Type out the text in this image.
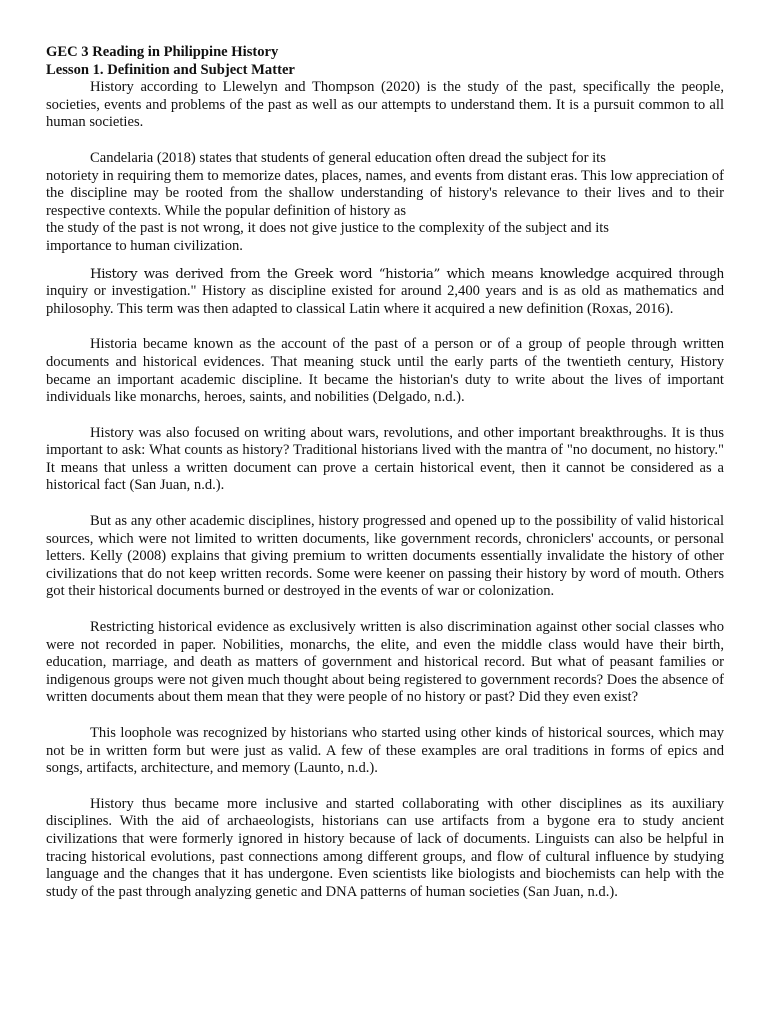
GEC 3 Reading in Philippine History

Lesson 1. Definition and Subject Matter

History according to Llewelyn and Thompson (2020) is the study of the past, specifically the people, societies, events and problems of the past as well as our attempts to understand them. It is a pursuit common to all human societies.

Candelaria (2018) states that students of general education often dread the subject for its
notoriety in requiring them to memorize dates, places, names, and events from distant eras. This low appreciation of the discipline may be rooted from the shallow understanding of history's relevance to their lives and to their respective contexts. While the popular definition of history as
the study of the past is not wrong, it does not give justice to the complexity of the subject and its
importance to human civilization.

History was derived from the Greek word “historia” which means knowledge acquired through inquiry or investigation." History as discipline existed for around 2,400 years and is as old as mathematics and philosophy. This term was then adapted to classical Latin where it acquired a new definition (Roxas, 2016).

Historia became known as the account of the past of a person or of a group of people through written documents and historical evidences. That meaning stuck until the early parts of the twentieth century, History became an important academic discipline. It became the historian's duty to write about the lives of important individuals like monarchs, heroes, saints, and nobilities (Delgado, n.d.).

History was also focused on writing about wars, revolutions, and other important breakthroughs. It is thus important to ask: What counts as history? Traditional historians lived with the mantra of "no document, no history." It means that unless a written document can prove a certain historical event, then it cannot be considered as a historical fact (San Juan, n.d.).

But as any other academic disciplines, history progressed and opened up to the possibility of valid historical sources, which were not limited to written documents, like government records, chroniclers' accounts, or personal letters. Kelly (2008) explains that giving premium to written documents essentially invalidate the history of other civilizations that do not keep written records. Some were keener on passing their history by word of mouth. Others got their historical documents burned or destroyed in the events of war or colonization.

Restricting historical evidence as exclusively written is also discrimination against other social classes who were not recorded in paper. Nobilities, monarchs, the elite, and even the middle class would have their birth, education, marriage, and death as matters of government and historical record. But what of peasant families or indigenous groups were not given much thought about being registered to government records? Does the absence of written documents about them mean that they were people of no history or past? Did they even exist?

This loophole was recognized by historians who started using other kinds of historical sources, which may not be in written form but were just as valid. A few of these examples are oral traditions in forms of epics and songs, artifacts, architecture, and memory (Launto, n.d.).

History thus became more inclusive and started collaborating with other disciplines as its auxiliary disciplines. With the aid of archaeologists, historians can use artifacts from a bygone era to study ancient civilizations that were formerly ignored in history because of lack of documents. Linguists can also be helpful in tracing historical evolutions, past connections among different groups, and flow of cultural influence by studying language and the changes that it has undergone. Even scientists like biologists and biochemists can help with the study of the past through analyzing genetic and DNA patterns of human societies (San Juan, n.d.).
